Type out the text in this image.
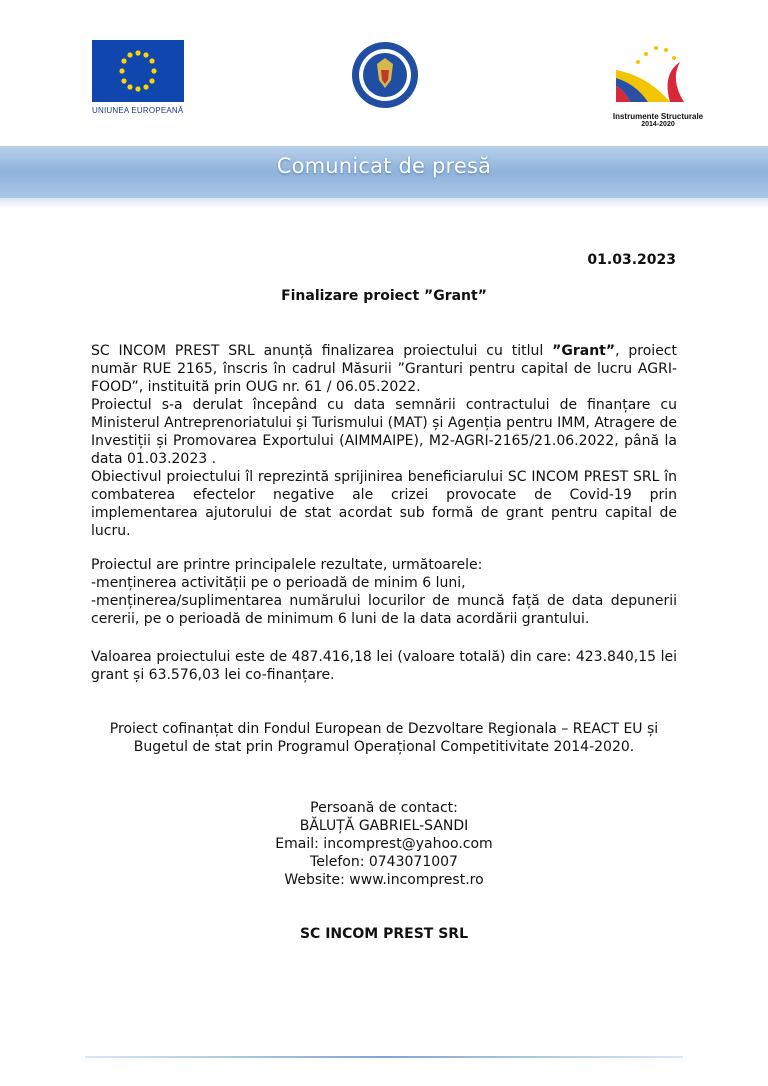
UNIUNEA EUROPEANĂ
Instrumente Structurale
2014-2020
Comunicat de presă
01.03.2023
Finalizare proiect ”Grant”
SC INCOM PREST SRL anunță finalizarea proiectului cu titlul ”Grant”, proiect număr RUE 2165, înscris în cadrul Măsurii ”Granturi pentru capital de lucru AGRI-FOOD”, instituită prin OUG nr. 61 / 06.05.2022.
Proiectul s-a derulat începând cu data semnării contractului de finanțare cu Ministerul Antreprenoriatului și Turismului (MAT) și Agenția pentru IMM, Atragere de Investiții și Promovarea Exportului (AIMMAIPE), M2-AGRI-2165/21.06.2022, până la data 01.03.2023 .
Obiectivul proiectului îl reprezintă sprijinirea beneficiarului SC INCOM PREST SRL în combaterea efectelor negative ale crizei provocate de Covid-19 prin implementarea ajutorului de stat acordat sub formă de grant pentru capital de lucru.
Proiectul are printre principalele rezultate, următoarele:
-menținerea activității pe o perioadă de minim 6 luni,
-menținerea/suplimentarea numărului locurilor de muncă față de data depunerii cererii, pe o perioadă de minimum 6 luni de la data acordării grantului.
Valoarea proiectului este de 487.416,18 lei (valoare totală) din care: 423.840,15 lei grant și 63.576,03 lei co-finanțare.
Proiect cofinanțat din Fondul European de Dezvoltare Regionala – REACT EU și
Bugetul de stat prin Programul Operațional Competitivitate 2014-2020.
Persoană de contact:
BĂLUȚĂ GABRIEL-SANDI
Email: incomprest@yahoo.com
Telefon: 0743071007
Website: www.incomprest.ro
SC INCOM PREST SRL
